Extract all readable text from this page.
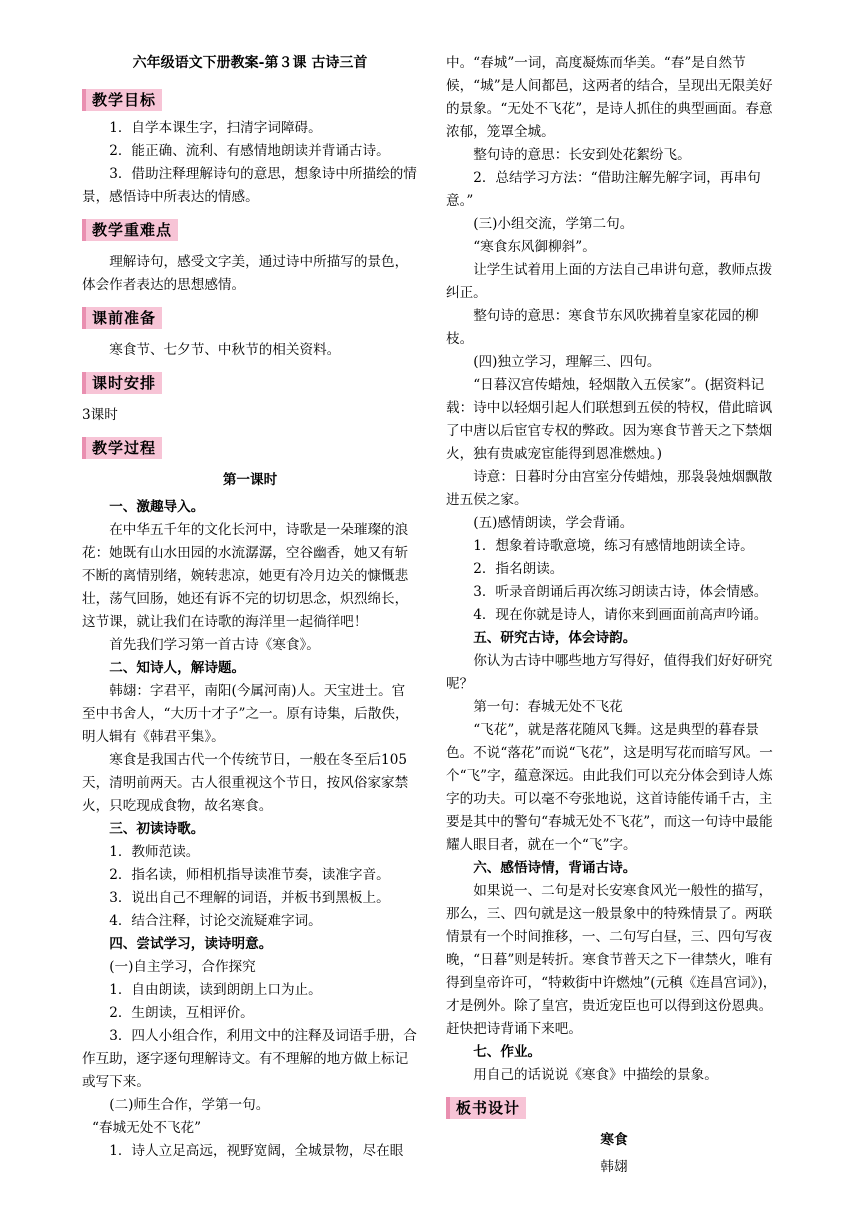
六年级语文下册教案-第３课 古诗三首

教学目标

1．自学本课生字，扫清字词障碍。

2．能正确、流利、有感情地朗读并背诵古诗。

3．借助注释理解诗句的意思，想象诗中所描绘的情景，感悟诗中所表达的情感。

教学重难点

理解诗句，感受文字美，通过诗中所描写的景色，体会作者表达的思想感情。

课前准备

寒食节、七夕节、中秋节的相关资料。

课时安排

3课时

教学过程

第一课时

一、激趣导入。

在中华五千年的文化长河中，诗歌是一朵璀璨的浪花：她既有山水田园的水流潺潺，空谷幽香，她又有斩不断的离情别绪，婉转悲凉，她更有冷月边关的慷慨悲壮，荡气回肠，她还有诉不完的切切思念，炽烈绵长，这节课，就让我们在诗歌的海洋里一起徜徉吧！

首先我们学习第一首古诗《寒食》。

二、知诗人，解诗题。

韩翃：字君平，南阳(今属河南)人。天宝进士。官至中书舍人，“大历十才子”之一。原有诗集，后散佚，明人辑有《韩君平集》。

寒食是我国古代一个传统节日，一般在冬至后105天，清明前两天。古人很重视这个节日，按风俗家家禁火，只吃现成食物，故名寒食。

三、初读诗歌。

1．教师范读。

2．指名读，师相机指导读准节奏，读准字音。

3．说出自己不理解的词语，并板书到黑板上。

4．结合注释，讨论交流疑难字词。

四、尝试学习，读诗明意。

(一)自主学习，合作探究

1．自由朗读，读到朗朗上口为止。

2．生朗读，互相评价。

3．四人小组合作，利用文中的注释及词语手册，合作互助，逐字逐句理解诗文。有不理解的地方做上标记或写下来。

(二)师生合作，学第一句。

“春城无处不飞花”

1．诗人立足高远，视野宽阔，全城景物，尽在眼

中。“春城”一词，高度凝炼而华美。“春”是自然节候，“城”是人间都邑，这两者的结合，呈现出无限美好的景象。“无处不飞花”，是诗人抓住的典型画面。春意浓郁，笼罩全城。

整句诗的意思：长安到处花絮纷飞。

2．总结学习方法：“借助注解先解字词，再串句意。”

(三)小组交流，学第二句。

“寒食东风御柳斜”。

让学生试着用上面的方法自己串讲句意，教师点拨纠正。

整句诗的意思：寒食节东风吹拂着皇家花园的柳枝。

(四)独立学习，理解三、四句。

“日暮汉宫传蜡烛，轻烟散入五侯家”。(据资料记载：诗中以轻烟引起人们联想到五侯的特权，借此暗讽了中唐以后宦官专权的弊政。因为寒食节普天之下禁烟火，独有贵戚宠宦能得到恩准燃烛。)

诗意：日暮时分由宫室分传蜡烛，那袅袅烛烟飘散进五侯之家。

(五)感情朗读，学会背诵。

1．想象着诗歌意境，练习有感情地朗读全诗。

2．指名朗读。

3．听录音朗诵后再次练习朗读古诗，体会情感。

4．现在你就是诗人，请你来到画面前高声吟诵。

五、研究古诗，体会诗韵。

你认为古诗中哪些地方写得好，值得我们好好研究呢？

第一句：春城无处不飞花

“飞花”，就是落花随风飞舞。这是典型的暮春景色。不说“落花”而说“飞花”，这是明写花而暗写风。一个“飞”字，蕴意深远。由此我们可以充分体会到诗人炼字的功夫。可以毫不夸张地说，这首诗能传诵千古，主要是其中的警句“春城无处不飞花”，而这一句诗中最能耀人眼目者，就在一个“飞”字。

六、感悟诗情，背诵古诗。

如果说一、二句是对长安寒食风光一般性的描写，那么，三、四句就是这一般景象中的特殊情景了。两联情景有一个时间推移，一、二句写白昼，三、四句写夜晚，“日暮”则是转折。寒食节普天之下一律禁火，唯有得到皇帝许可，“特敕街中许燃烛”(元稹《连昌宫词》)，才是例外。除了皇宫，贵近宠臣也可以得到这份恩典。赶快把诗背诵下来吧。

七、作业。

用自己的话说说《寒食》中描绘的景象。

板书设计

寒食

韩翃
